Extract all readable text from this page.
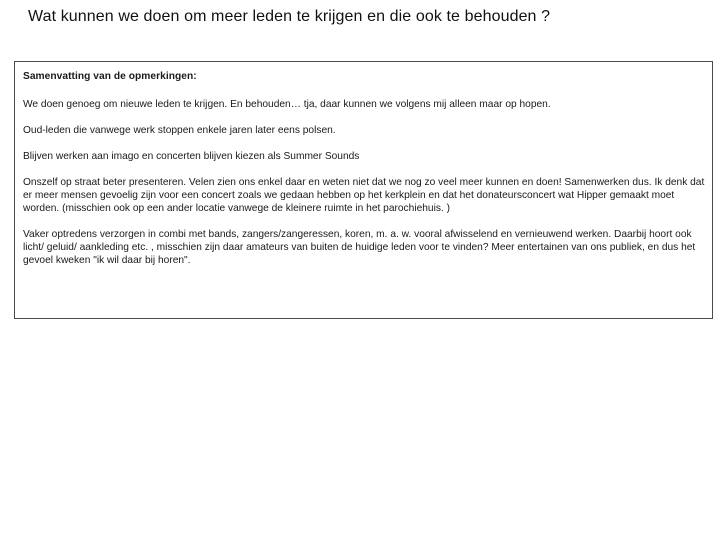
Wat kunnen we doen om meer leden te krijgen en die ook te behouden ?
Samenvatting van de opmerkingen:

We doen genoeg om nieuwe leden te krijgen. En behouden… tja, daar kunnen we volgens mij alleen maar op hopen.

Oud-leden die vanwege werk stoppen enkele jaren later eens polsen.

Blijven werken aan imago en concerten blijven kiezen als Summer Sounds

Onszelf op straat beter presenteren. Velen zien ons enkel daar en weten niet dat we nog zo veel meer kunnen en doen! Samenwerken dus. Ik denk dat er meer mensen gevoelig zijn voor een concert zoals we gedaan hebben op het kerkplein en dat het donateursconcert wat Hipper gemaakt moet worden. (misschien ook op een ander locatie vanwege de kleinere ruimte in het parochiehuis. )

Vaker optredens verzorgen in combi met bands, zangers/zangeressen, koren, m. a. w. vooral afwisselend en vernieuwend werken. Daarbij hoort ook licht/ geluid/ aankleding etc. , misschien zijn daar amateurs van buiten de huidige leden voor te vinden? Meer entertainen van ons publiek, en dus het gevoel kweken "ik wil daar bij horen".
